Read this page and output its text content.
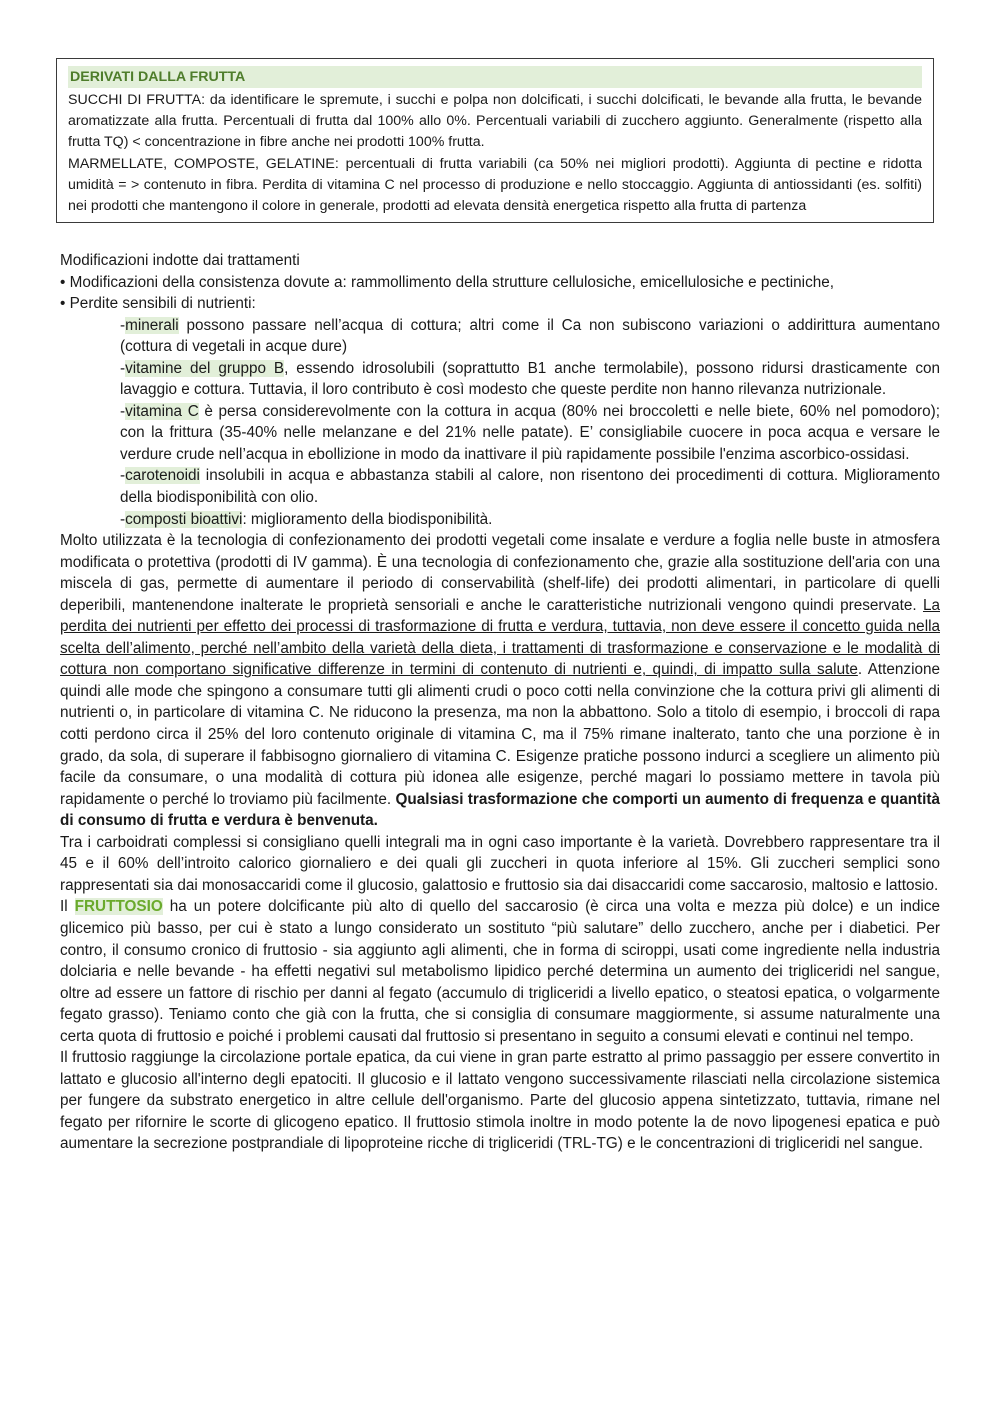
DERIVATI DALLA FRUTTA

SUCCHI DI FRUTTA: da identificare le spremute, i succhi e polpa non dolcificati, i succhi dolcificati, le bevande alla frutta, le bevande aromatizzate alla frutta. Percentuali di frutta dal 100% allo 0%. Percentuali variabili di zucchero aggiunto. Generalmente (rispetto alla frutta TQ) < concentrazione in fibre anche nei prodotti 100% frutta.

MARMELLATE, COMPOSTE, GELATINE: percentuali di frutta variabili (ca 50% nei migliori prodotti). Aggiunta di pectine e ridotta umidità = > contenuto in fibra. Perdita di vitamina C nel processo di produzione e nello stoccaggio. Aggiunta di antiossidanti (es. solfiti) nei prodotti che mantengono il colore in generale, prodotti ad elevata densità energetica rispetto alla frutta di partenza

Modificazioni indotte dai trattamenti

• Modificazioni della consistenza dovute a: rammollimento della strutture cellulosiche, emicellulosiche e pectiniche,

• Perdite sensibili di nutrienti:

-minerali possono passare nell’acqua di cottura; altri come il Ca non subiscono variazioni o addirittura aumentano (cottura di vegetali in acque dure)

-vitamine del gruppo B, essendo idrosolubili (soprattutto B1 anche termolabile), possono ridursi drasticamente con lavaggio e cottura. Tuttavia, il loro contributo è così modesto che queste perdite non hanno rilevanza nutrizionale.

-vitamina C è persa considerevolmente con la cottura in acqua (80% nei broccoletti e nelle biete, 60% nel pomodoro); con la frittura (35-40% nelle melanzane e del 21% nelle patate). E’ consigliabile cuocere in poca acqua e versare le verdure crude nell’acqua in ebollizione in modo da inattivare il più rapidamente possibile l'enzima ascorbico-ossidasi.

-carotenoidi insolubili in acqua e abbastanza stabili al calore, non risentono dei procedimenti di cottura. Miglioramento della biodisponibilità con olio.

-composti bioattivi: miglioramento della biodisponibilità.

Molto utilizzata è la tecnologia di confezionamento dei prodotti vegetali come insalate e verdure a foglia nelle buste in atmosfera modificata o protettiva (prodotti di IV gamma). È una tecnologia di confezionamento che, grazie alla sostituzione dell'aria con una miscela di gas, permette di aumentare il periodo di conservabilità (shelf-life) dei prodotti alimentari, in particolare di quelli deperibili, mantenendone inalterate le proprietà sensoriali e anche le caratteristiche nutrizionali vengono quindi preservate. La perdita dei nutrienti per effetto dei processi di trasformazione di frutta e verdura, tuttavia, non deve essere il concetto guida nella scelta dell’alimento, perché nell’ambito della varietà della dieta, i trattamenti di trasformazione e conservazione e le modalità di cottura non comportano significative differenze in termini di contenuto di nutrienti e, quindi, di impatto sulla salute. Attenzione quindi alle mode che spingono a consumare tutti gli alimenti crudi o poco cotti nella convinzione che la cottura privi gli alimenti di nutrienti o, in particolare di vitamina C. Ne riducono la presenza, ma non la abbattono. Solo a titolo di esempio, i broccoli di rapa cotti perdono circa il 25% del loro contenuto originale di vitamina C, ma il 75% rimane inalterato, tanto che una porzione è in grado, da sola, di superare il fabbisogno giornaliero di vitamina C. Esigenze pratiche possono indurci a scegliere un alimento più facile da consumare, o una modalità di cottura più idonea alle esigenze, perché magari lo possiamo mettere in tavola più rapidamente o perché lo troviamo più facilmente. Qualsiasi trasformazione che comporti un aumento di frequenza e quantità di consumo di frutta e verdura è benvenuta.

Tra i carboidrati complessi si consigliano quelli integrali ma in ogni caso importante è la varietà. Dovrebbero rappresentare tra il 45 e il 60% dell’introito calorico giornaliero e dei quali gli zuccheri in quota inferiore al 15%. Gli zuccheri semplici sono rappresentati sia dai monosaccaridi come il glucosio, galattosio e fruttosio sia dai disaccaridi come saccarosio, maltosio e lattosio.

Il FRUTTOSIO ha un potere dolcificante più alto di quello del saccarosio (è circa una volta e mezza più dolce) e un indice glicemico più basso, per cui è stato a lungo considerato un sostituto “più salutare” dello zucchero, anche per i diabetici. Per contro, il consumo cronico di fruttosio - sia aggiunto agli alimenti, che in forma di sciroppi, usati come ingrediente nella industria dolciaria e nelle bevande - ha effetti negativi sul metabolismo lipidico perché determina un aumento dei trigliceridi nel sangue, oltre ad essere un fattore di rischio per danni al fegato (accumulo di trigliceridi a livello epatico, o steatosi epatica, o volgarmente fegato grasso). Teniamo conto che già con la frutta, che si consiglia di consumare maggiormente, si assume naturalmente una certa quota di fruttosio e poiché i problemi causati dal fruttosio si presentano in seguito a consumi elevati e continui nel tempo.

Il fruttosio raggiunge la circolazione portale epatica, da cui viene in gran parte estratto al primo passaggio per essere convertito in lattato e glucosio all'interno degli epatociti. Il glucosio e il lattato vengono successivamente rilasciati nella circolazione sistemica per fungere da substrato energetico in altre cellule dell'organismo. Parte del glucosio appena sintetizzato, tuttavia, rimane nel fegato per rifornire le scorte di glicogeno epatico. Il fruttosio stimola inoltre in modo potente la de novo lipogenesi epatica e può aumentare la secrezione postprandiale di lipoproteine ricche di trigliceridi (TRL-TG) e le concentrazioni di trigliceridi nel sangue.
